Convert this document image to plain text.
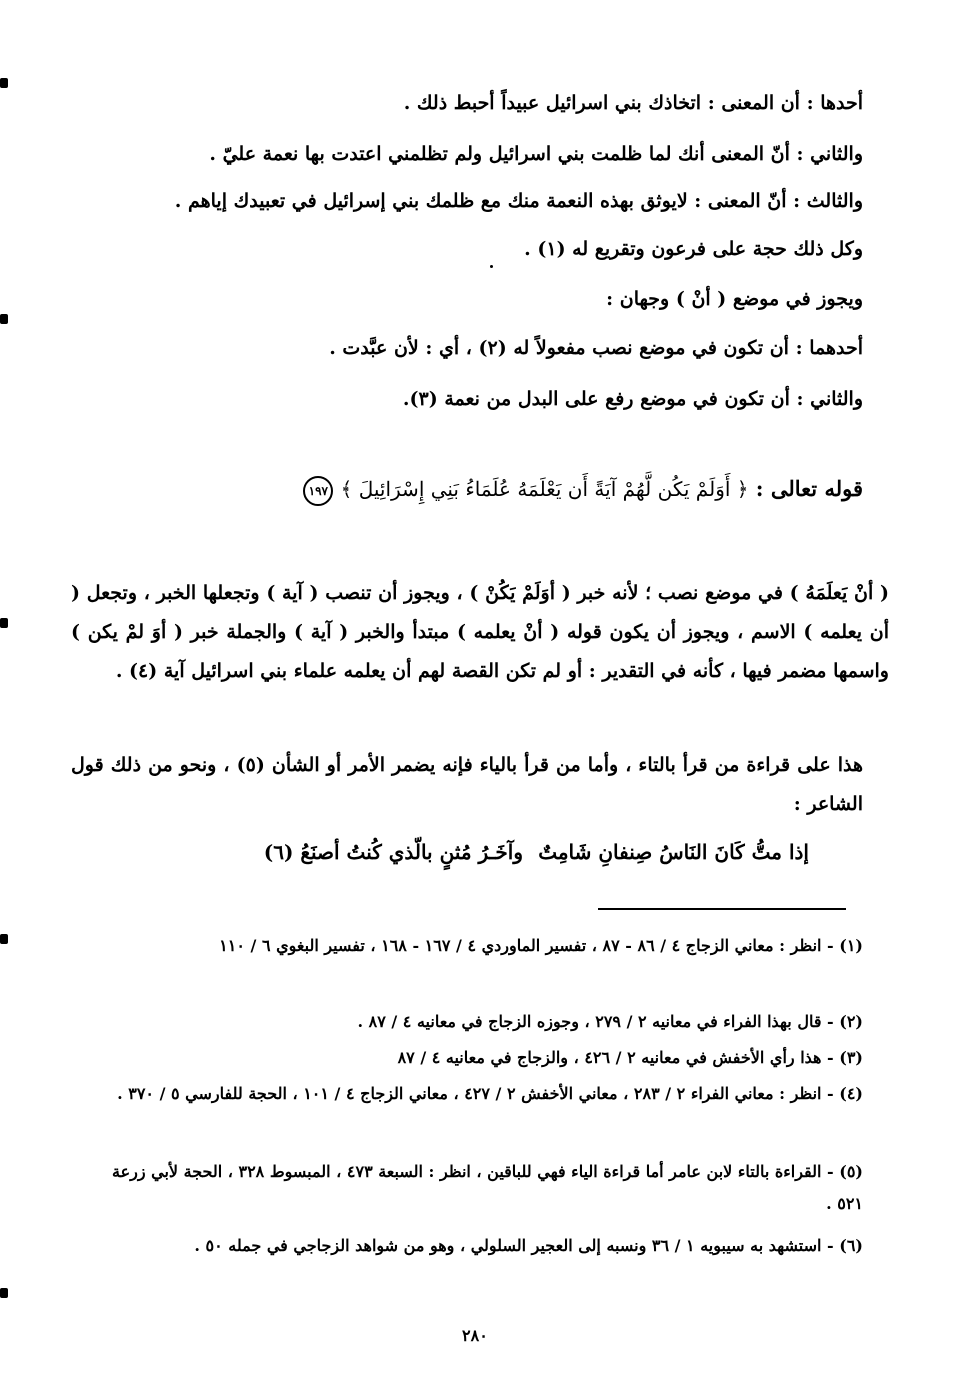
أحدها : أن المعنى : اتخاذك بني اسرائيل عبيداً أحبط ذلك .
والثاني : أنّ المعنى أنك لما ظلمت بني اسرائيل ولم تظلمني اعتدت بها نعمة عليّ .
والثالث : أنّ المعنى : لايوثق بهذه النعمة منك مع ظلمك بني إسرائيل في تعبيدك إياهم .
وكل ذلك حجة على فرعون وتقريع له (١) .
ويجوز في موضع ( أنْ ) وجهان :
أحدهما : أن تكون في موضع نصب مفعولاً له (٢) ، أي : لأن عبَّدت .
والثاني : أن تكون في موضع رفع على البدل من نعمة (٣).
قوله تعالى : ﴿ أَوَلَمْ يَكُن لَّهُمْ آيَةً أَن يَعْلَمَهُ عُلَمَاءُ بَنِي إِسْرَائِيلَ ﴾ ١٩٧
( أنْ يَعلَمَهُ ) في موضع نصب ؛ لأنه خبر ( أوَلَمْ يَكُنْ ) ، ويجوز أن تنصب ( آية ) وتجعلها الخبر ، وتجعل ( أن يعلمه ) الاسم ، ويجوز أن يكون قوله ( أنْ يعلمه ) مبتدأ والخبر ( آية ) والجملة خبر ( أوَ لمْ يكن ) واسمها مضمر فيها ، كأنه في التقدير : أو لم تكن القصة لهم أن يعلمه علماء بني اسرائيل آية (٤) .
هذا على قراءة من قرأ بالتاء ، وأما من قرأ بالياء فإنه يضمر الأمر أو الشأن (٥) ، ونحو من ذلك قول الشاعر :
إذا متُّ كَانَ النَاسُ صِنفانِ شَامِتٌ
وآخَـرُ مُثنٍ بالّذي كُنتُ أصنَعُ (٦)
(١) - انظر : معاني الزجاج ٤ / ٨٦ - ٨٧ ، تفسير الماوردي ٤ / ١٦٧ - ١٦٨ ، تفسير البغوي ٦ / ١١٠
(٢) - قال بهذا الفراء في معانيه ٢ / ٢٧٩ ، وجوزه الزجاج في معانيه ٤ / ٨٧ .
(٣) - هذا رأي الأخفش في معانيه ٢ / ٤٢٦ ، والزجاج في معانيه ٤ / ٨٧
(٤) - انظر : معاني الفراء ٢ / ٢٨٣ ، معاني الأخفش ٢ / ٤٢٧ ، معاني الزجاج ٤ / ١٠١ ، الحجة للفارسي ٥ / ٣٧٠ .
(٥) - القراءة بالتاء لابن عامر أما قراءة الياء فهي للباقين ، انظر : السبعة ٤٧٣ ، المبسوط ٣٢٨ ، الحجة لأبي زرعة ٥٢١ .
(٦) - استشهد به سيبويه ١ / ٣٦ ونسبه إلى العجير السلولي ، وهو من شواهد الزجاجي في جمله ٥٠ .
٢٨٠
